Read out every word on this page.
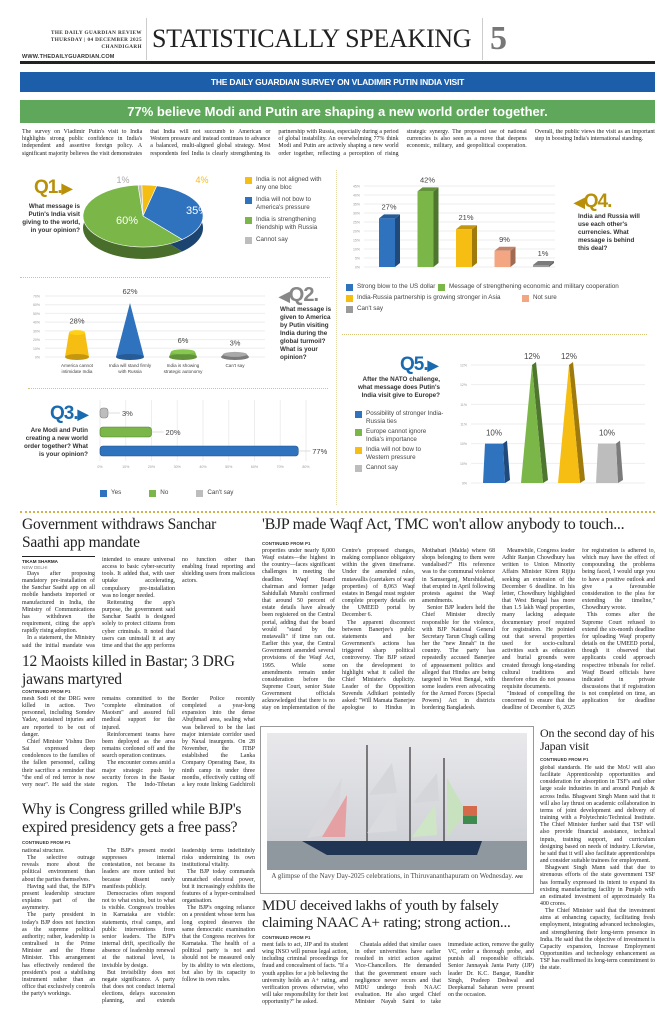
THE DAILY GUARDIAN REVIEW
THURSDAY | 04 DECEMBER 2025
CHANDIGARH
WWW.THEDAILYGUARDIAN.COM
STATISTICALLY SPEAKING 5
THE DAILY GUARDIAN SURVEY ON VLADIMIR PUTIN INDIA VISIT
77% believe Modi and Putin are shaping a new world order together.
The survey on Vladimir Putin's visit to India highlights strong public confidence in India's independent and assertive foreign policy. A significant majority believes the visit demonstrates that India will not succumb to American or Western pressure and instead continues to advance a balanced, multi-aligned global strategy. Most respondents feel India is clearly strengthening its partnership with Russia, especially during a period of global instability. An overwhelming 77% think Modi and Putin are actively shaping a new world order together, reflecting a perception of rising strategic synergy. The proposed use of national currencies is also seen as a move that deepens economic, military, and geopolitical cooperation. Overall, the public views the visit as an important step in boosting India's international standing.
Q1.▶
What message is Putin's India visit giving to the world, in your opinion?
4%
35%
60%
1%	India is not aligned with any one bloc
India will not bow to America's pressure
India is strengthening friendship with Russia
Cannot say
0%
5%
10%
15%
20%
25%
30%
35%
40%
45%
27%
42%
21%
9%
1%
◀Q4.
India and Russia will use each other's currencies. What message is behind this deal?
Strong blow to the US dollar Message of strengthening economic and military cooperation
India-Russia partnership is growing stronger in Asia	Not sure
Can't say
0%
10%
20%
30%
40%
50%
60%
70%
28%
62%
6%	3%
America cannot intimidate India
India will stand firmly with Russia
India is showing strategic autonomy
Can't say
◀Q2.
What message is given to America by Putin visiting India during the global turmoil? What is your opinion?
Q3.▶
Are Modi and Putin creating a new world order together? What is your opinion?
0%	10%	20%	30%	40%	50%	60%	70%	80%
3%
20%
77%
Yes	No	Can't say
Q5.▶
After the NATO challenge, what message does Putin's India visit give to Europe?
Possibility of stronger India-Russia ties
Europe cannot ignore India's importance
India will not bow to Western pressure
Cannot say
9%
10%
10%
11%
11%
12%
12%
10%
12%	12%
10%
Government withdraws Sanchar Saathi app mandate
TIKAM SHARMA
NEW DELHI

Days after proposing mandatory pre-installation of the Sanchar Saathi app on all mobile handsets imported or manufactured in India, the Ministry of Communications has withdrawn the requirement, citing the app's rapidly rising adoption.

In a statement, the Ministry said the initial mandate was intended to ensure universal access to basic cyber-security tools. It added that, with user uptake accelerating, compulsory pre-installation was no longer needed.

Reiterating the app's purpose, the government said Sanchar Saathi is designed solely to protect citizens from cyber criminals. It noted that users can uninstall it at any time and that the app performs no function other than enabling fraud reporting and shielding users from malicious actors.

12 Maoists killed in Bastar; 3 DRG jawans martyred
CONTINUED FROM P1

mesh Sodi of the DRG were killed in action. Two personnel, including Somdev Yadav, sustained injuries and are reported to be out of danger.

Chief Minister Vishnu Deo Sai expressed deep condolences to the families of the fallen personnel, calling their sacrifice a reminder that "the end of red terror is now very near". He said the state remains committed to the "complete elimination of Maoism" and assured full medical support for the injured.

Reinforcement teams have been deployed as the area remains cordoned off and the search operation continues.

The encounter comes amid a major strategic push by security forces in the Bastar region. The Indo-Tibetan Border Police recently completed a year-long expansion into the dense Abujhmad area, sealing what was believed to be the last major interstate corridor used by Naxal insurgents. On 28 November, the ITBP established the Lanka Company Operating Base, its ninth camp in under three months, effectively cutting off a key route linking Gadchiroli

Why is Congress grilled while BJP's expired presidency gets a free pass?
CONTINUED FROM P1

national structure.

The selective outrage reveals more about the political environment than about the parties themselves.

Having said that, the BJP's present leadership structure explains part of the asymmetry.

The party president in today's BJP does not function as the supreme political authority; rather, leadership is centralised in the Prime Minister and the Home Minister. This arrangement has effectively rendered the president's post a stabilising instrument rather than an office that exclusively controls the party's workings.

The BJP's present model suppresses internal contestation, not because its leaders are more united but because dissent rarely manifests publicly.

Democracies often respond not to what exists, but to what is visible. Congress's troubles in Karnataka are visible: statements, rival camps, and public interventions from senior leaders. The BJP's internal drift, specifically the absence of leadership renewal at the national level, is invisible by design.

But invisibility does not negate significance. A party that does not conduct internal elections, delays succession planning, and extends leadership terms indefinitely risks undermining its own institutional vitality.

The BJP today commands unmatched electoral power, but it increasingly exhibits the features of a hyper-centralised organisation.

The BJP's ongoing reliance on a president whose term has long expired deserves the same democratic examination that the Congress receives for Karnataka. The health of a political party is not and should not be measured only by its ability to win elections, but also by its capacity to follow its own rules.

'BJP made Waqf Act, TMC won't allow anybody to touch...
CONTINUED FROM P1

properties under nearly 8,000 Waqf estates—the highest in the country—faces significant challenges in meeting the deadline. Waqf Board chairman and former judge Sahidullah Munshi confirmed that around 50 percent of estate details have already been registered on the Central portal, adding that the board would "stand by the mutawalli" if time ran out. Earlier this year, the Central Government amended several provisions of the Waqf Act, 1995. While some amendments remain under consideration before the Supreme Court, senior State Government officials acknowledged that there is no stay on implementation of the Centre's proposed changes, making compliance obligatory within the given timeframe. Under the amended rules, mutawallis (caretakers of waqf properties) of 8,063 Waqf estates in Bengal must register complete property details on the UMEED portal by December 6.

The apparent disconnect between Banerjee's public statements and her Government's actions has triggered sharp political controversy. The BJP seized on the development to highlight what it called the Chief Minister's duplicity. Leader of the Opposition Suvendu Adhikari pointedly asked: "Will Mamata Banerjee apologise to Hindus in Mothabari (Malda) where 68 shops belonging to them were vandalised?" His reference was to the communal violence in Samserganj, Murshidabad, that erupted in April following protests against the Waqf amendments.

Senior BJP leaders held the Chief Minister directly responsible for the violence, with BJP National General Secretary Tarun Chugh calling her the "new Jinnah" in the country. The party has repeatedly accused Banerjee of appeasement politics and alleged that Hindus are being targeted in West Bengal, with some leaders even advocating for the Armed Forces (Special Powers) Act in districts bordering Bangladesh.

Meanwhile, Congress leader Adhir Ranjan Chowdhury has written to Union Minority Affairs Minister Kiren Rijiju seeking an extension of the December 6 deadline. In his letter, Chowdhury highlighted that West Bengal has more than 1.5 lakh Waqf properties, many lacking adequate documentary proof required for registration. He pointed out that several properties used for socio-cultural activities such as education and burial grounds were created through long-standing cultural traditions and therefore often do not possess requisite documents.

"Instead of compelling the concerned to ensure that the deadline of December 6, 2025 for registration is adhered to, which may have the effect of compounding the problems being faced, I would urge you to have a positive outlook and give a favourable consideration to the plea for extending the timeline," Chowdhury wrote.

This comes after the Supreme Court refused to extend the six-month deadline for uploading Waqf property details on the UMEED portal, though it observed that applicants could approach respective tribunals for relief. Waqf Board officials have indicated in private discussions that if registration is not completed on time, an application for deadline

A glimpse of the Navy Day-2025 celebrations, in Thiruvananthapuram on Wednesday. ANI
On the second day of his Japan visit
CONTINUED FROM P1

global standards. He said the MoU will also facilitate Apprenticeship opportunities and consideration for absorption in TSF's and other large scale industries in and around Punjab & across India. Bhagwant Singh Mann said that it will also lay thrust on academic collaboration in terms of joint development and delivery of training with a Polytechnic/Technical Institute. The Chief Minister further said that TSF will also provide financial assistance, technical inputs, training support, and curriculum designing based on needs of industry. Likewise, he said that it will also facilitate apprenticeships and consider suitable trainees for employment.

Bhagwant Singh Mann said that due to strenuous efforts of the state government TSF has formally expressed its intent to expand its existing manufacturing facility in Punjab with an estimated investment of approximately Rs 400 crores.

The Chief Minister said that the investment aims at enhancing capacity, facilitating fresh employment, integrating advanced technologies, and strengthening their long-term presence in India. He said that the objective of investment is Capacity expansion, Increase Employment Opportunities and technology enhancement as TSF has reaffirmed its long-term commitment to the state.

MDU deceived lakhs of youth by falsely claiming NAAC A+ rating; strong action...
CONTINUED FROM P1

ment fails to act, JJP and its student wing INSO will pursue legal action, including criminal proceedings for fraud and concealment of facts. "If a youth applies for a job believing the university holds an A+ rating, and verification proves otherwise, who will take responsibility for their lost opportunity?" he asked.

Chautala added that similar cases in other universities have earlier resulted in strict action against Vice-Chancellors. He demanded that the government ensure such negligence never recurs and that MDU undergo fresh NAAC evaluation. He also urged Chief Minister Nayab Saini to take immediate action, remove the guilty VC, order a thorough probe, and punish all responsible officials. Senior Jannayak Janta Party (JJP) leader Dr. K.C. Bangar, Randhir Singh, Pradeep Deshwal and Deepkamal Saharan were present on the occasion.
